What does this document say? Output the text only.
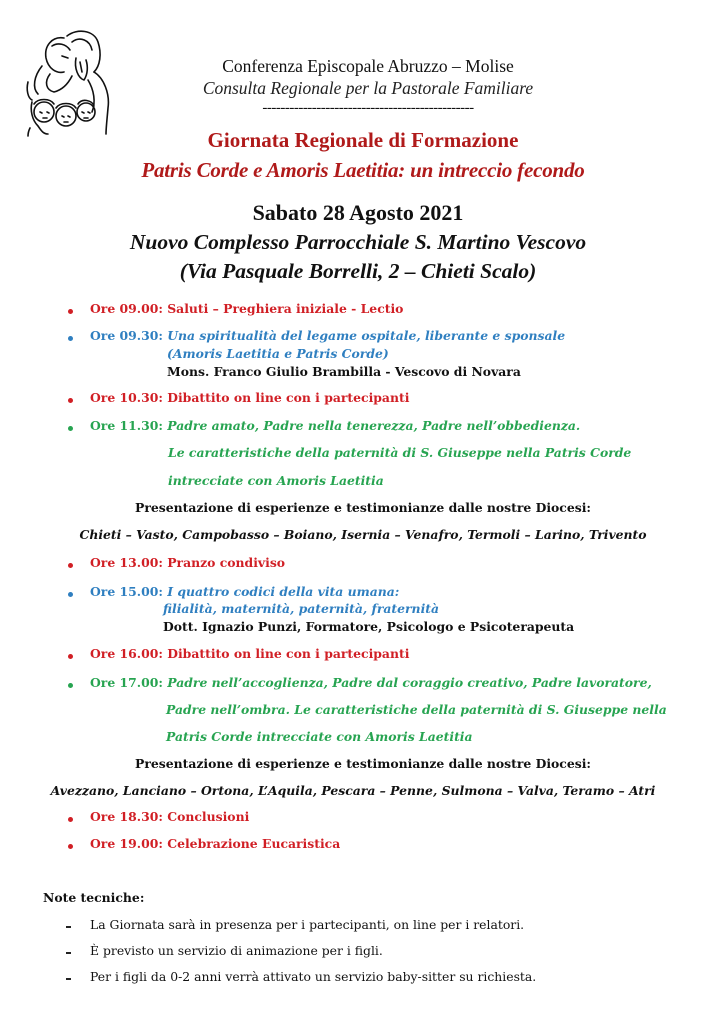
Conferenza Episcopale Abruzzo – Molise
Consulta Regionale per la Pastorale Familiare
-----------------------------------------------
Giornata Regionale di Formazione
Patris Corde e Amoris Laetitia: un intreccio fecondo
Sabato 28 Agosto 2021
Nuovo Complesso Parrocchiale S. Martino Vescovo
(Via Pasquale Borrelli, 2 – Chieti Scalo)
Ore 09.00: Saluti – Preghiera iniziale - Lectio
Ore 09.30: Una spiritualità del legame ospitale, liberante e sponsale
(Amoris Laetitia e Patris Corde)
Mons. Franco Giulio Brambilla - Vescovo di Novara
Ore 10.30: Dibattito on line con i partecipanti
Ore 11.30: Padre amato, Padre nella tenerezza, Padre nell’obbedienza.
Le caratteristiche della paternità di S. Giuseppe nella Patris Corde
intrecciate con Amoris Laetitia
Presentazione di esperienze e testimonianze dalle nostre Diocesi:
Chieti – Vasto, Campobasso – Boiano, Isernia – Venafro, Termoli – Larino, Trivento
Ore 13.00: Pranzo condiviso
Ore 15.00: I quattro codici della vita umana:
filialità, maternità, paternità, fraternità
Dott. Ignazio Punzi, Formatore, Psicologo e Psicoterapeuta
Ore 16.00: Dibattito on line con i partecipanti
Ore 17.00: Padre nell’accoglienza, Padre dal coraggio creativo, Padre lavoratore,
Padre nell’ombra. Le caratteristiche della paternità di S. Giuseppe nella
Patris Corde intrecciate con Amoris Laetitia
Presentazione di esperienze e testimonianze dalle nostre Diocesi:
Avezzano, Lanciano – Ortona, L’Aquila, Pescara – Penne, Sulmona – Valva, Teramo – Atri
Ore 18.30: Conclusioni
Ore 19.00: Celebrazione Eucaristica
Note tecniche:
La Giornata sarà in presenza per i partecipanti, on line per i relatori.
È previsto un servizio di animazione per i figli.
Per i figli da 0-2 anni verrà attivato un servizio baby-sitter su richiesta.
